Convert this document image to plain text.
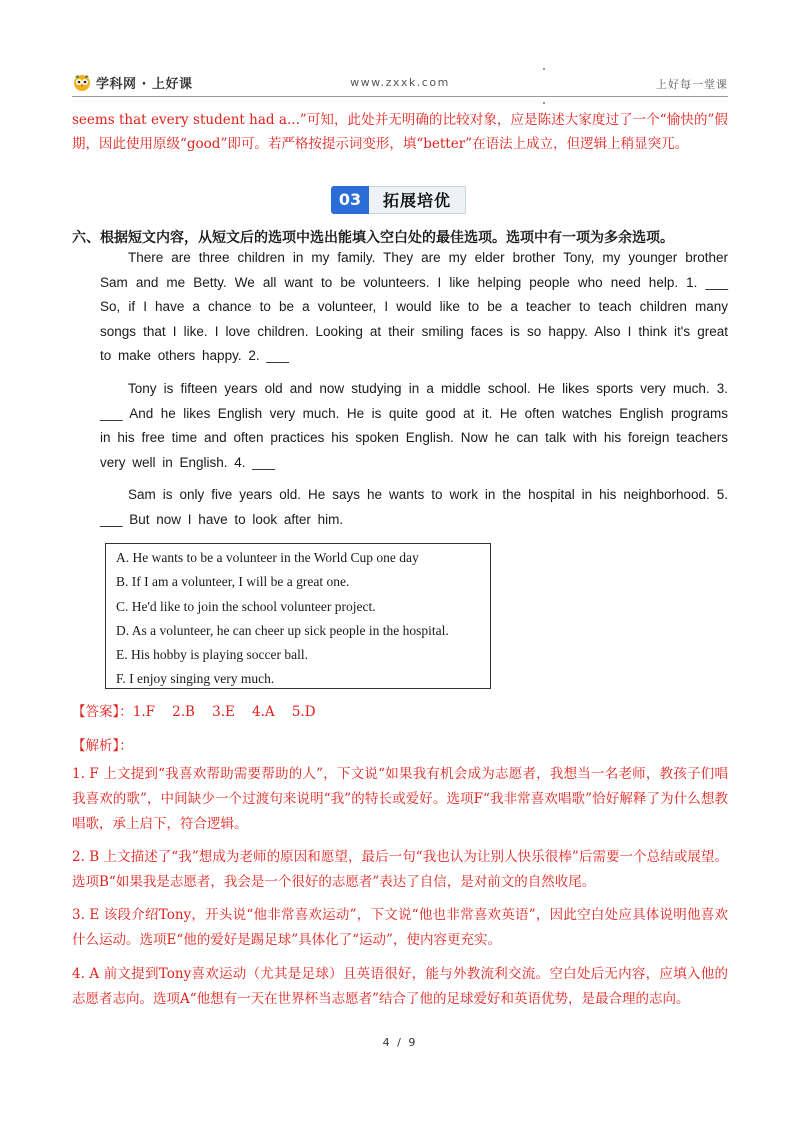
学科网 · 上好课	www.zxxk.com	上好每一堂课
seems that every student had a...”可知，此处并无明确的比较对象，应是陈述大家度过了一个“愉快的”假期，因此使用原级“good”即可。若严格按提示词变形，填“better”在语法上成立，但逻辑上稍显突兀。
03	拓展培优
六、根据短文内容，从短文后的选项中选出能填入空白处的最佳选项。选项中有一项为多余选项。
There are three children in my family. They are my elder brother Tony, my younger brother Sam and me Betty. We all want to be volunteers. I like helping people who need help. 1. ___ So, if I have a chance to be a volunteer, I would like to be a teacher to teach children many songs that I like. I love children. Looking at their smiling faces is so happy. Also I think it's great to make others happy. 2. ___
Tony is fifteen years old and now studying in a middle school. He likes sports very much. 3. ___ And he likes English very much. He is quite good at it. He often watches English programs in his free time and often practices his spoken English. Now he can talk with his foreign teachers very well in English. 4. ___
Sam is only five years old. He says he wants to work in the hospital in his neighborhood. 5. ___ But now I have to look after him.
A. He wants to be a volunteer in the World Cup one day
B. If I am a volunteer, I will be a great one.
C. He'd like to join the school volunteer project.
D. As a volunteer, he can cheer up sick people in the hospital.
E. His hobby is playing soccer ball.
F. I enjoy singing very much.
【答案】：1.F    2.B    3.E    4.A    5.D
【解析】：
1. F 上文提到“我喜欢帮助需要帮助的人”，下文说“如果我有机会成为志愿者，我想当一名老师，教孩子们唱我喜欢的歌”，中间缺少一个过渡句来说明“我”的特长或爱好。选项F“我非常喜欢唱歌”恰好解释了为什么想教唱歌，承上启下，符合逻辑。
2. B 上文描述了“我”想成为老师的原因和愿望，最后一句“我也认为让别人快乐很棒”后需要一个总结或展望。选项B“如果我是志愿者，我会是一个很好的志愿者”表达了自信，是对前文的自然收尾。
3. E 该段介绍Tony，开头说“他非常喜欢运动”，下文说“他也非常喜欢英语”，因此空白处应具体说明他喜欢什么运动。选项E“他的爱好是踢足球”具体化了“运动”，使内容更充实。
4. A 前文提到Tony喜欢运动（尤其是足球）且英语很好，能与外教流利交流。空白处后无内容，应填入他的志愿者志向。选项A“他想有一天在世界杯当志愿者”结合了他的足球爱好和英语优势，是最合理的志向。
4 / 9
